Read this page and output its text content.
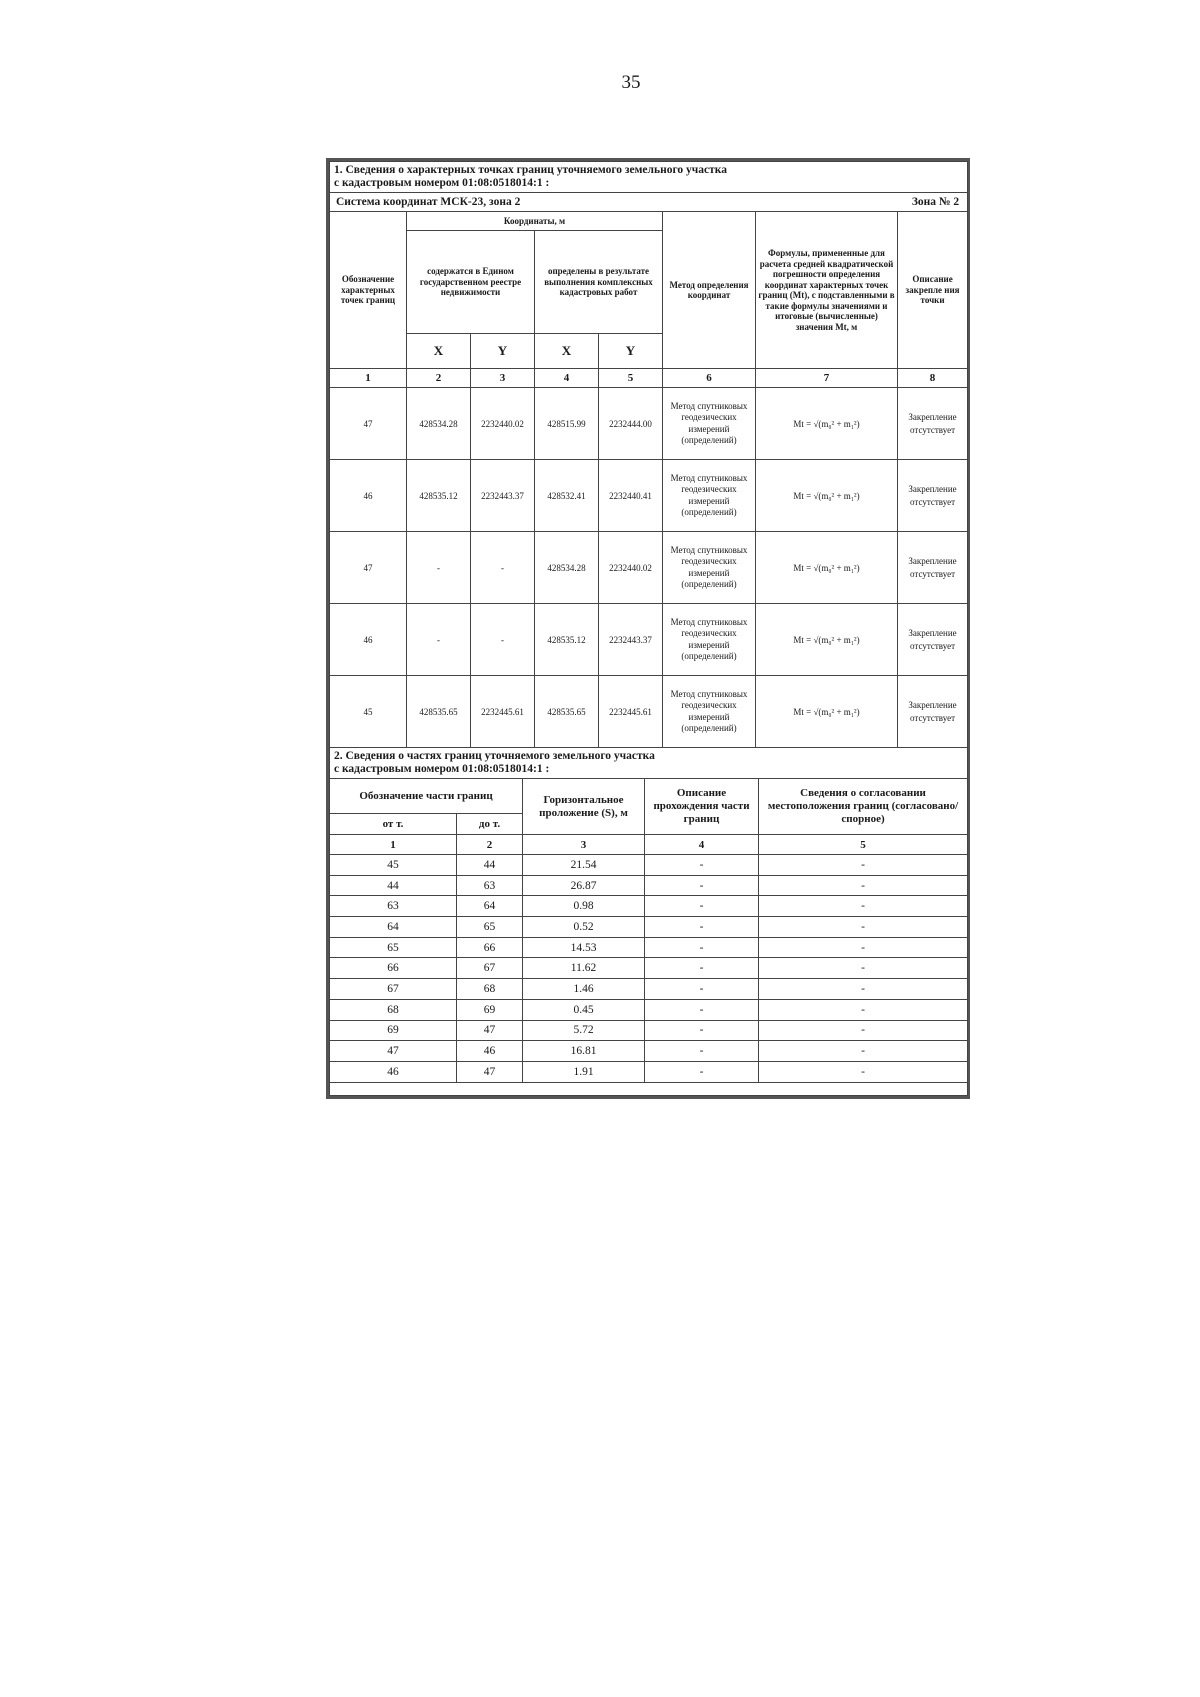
35
1. Сведения о характерных точках границ уточняемого земельного участка
с кадастровым номером 01:08:0518014:1 :							

Система координат МСК-23, зона 2						Зона № 2	
Обозначение характерных точек границ	Координаты, м				Метод определения координат	Формулы, примененные для расчета средней квадратической погрешности определения координат характерных точек границ (Mt), с подставленными в такие формулы значениями и итоговые (вычисленные) значения Mt, м	Описание закрепле ния точки
	содержатся в Едином государственном реестре недвижимости		определены в результате выполнения комплексных кадастровых работ				
	X	Y	X	Y			
1	2	3	4	5	6	7	8
47	428534.28	2232440.02	428515.99	2232444.00	Метод спутниковых геодезических измерений (определений)	Mt = √(m₀² + m₁²)	Закрепление отсутствует
46	428535.12	2232443.37	428532.41	2232440.41	Метод спутниковых геодезических измерений (определений)	Mt = √(m₀² + m₁²)	Закрепление отсутствует
47	-	-	428534.28	2232440.02	Метод спутниковых геодезических измерений (определений)	Mt = √(m₀² + m₁²)	Закрепление отсутствует
46	-	-	428535.12	2232443.37	Метод спутниковых геодезических измерений (определений)	Mt = √(m₀² + m₁²)	Закрепление отсутствует
45	428535.65	2232445.61	428535.65	2232445.61	Метод спутниковых геодезических измерений (определений)	Mt = √(m₀² + m₁²)	Закрепление отсутствует
2. Сведения о частях границ уточняемого земельного участка
с кадастровым номером 01:08:0518014:1 :				

Обозначение части границ		Горизонтальное проложение (S), м	Описание прохождения части границ	Сведения о согласовании местоположения границ (согласовано/спорное)
от т.	до т.			
1	2	3	4	5
45	44	21.54	-	-
44	63	26.87	-	-
63	64	0.98	-	-
64	65	0.52	-	-
65	66	14.53	-	-
66	67	11.62	-	-
67	68	1.46	-	-
68	69	0.45	-	-
69	47	5.72	-	-
47	46	16.81	-	-
46	47	1.91	-	-
